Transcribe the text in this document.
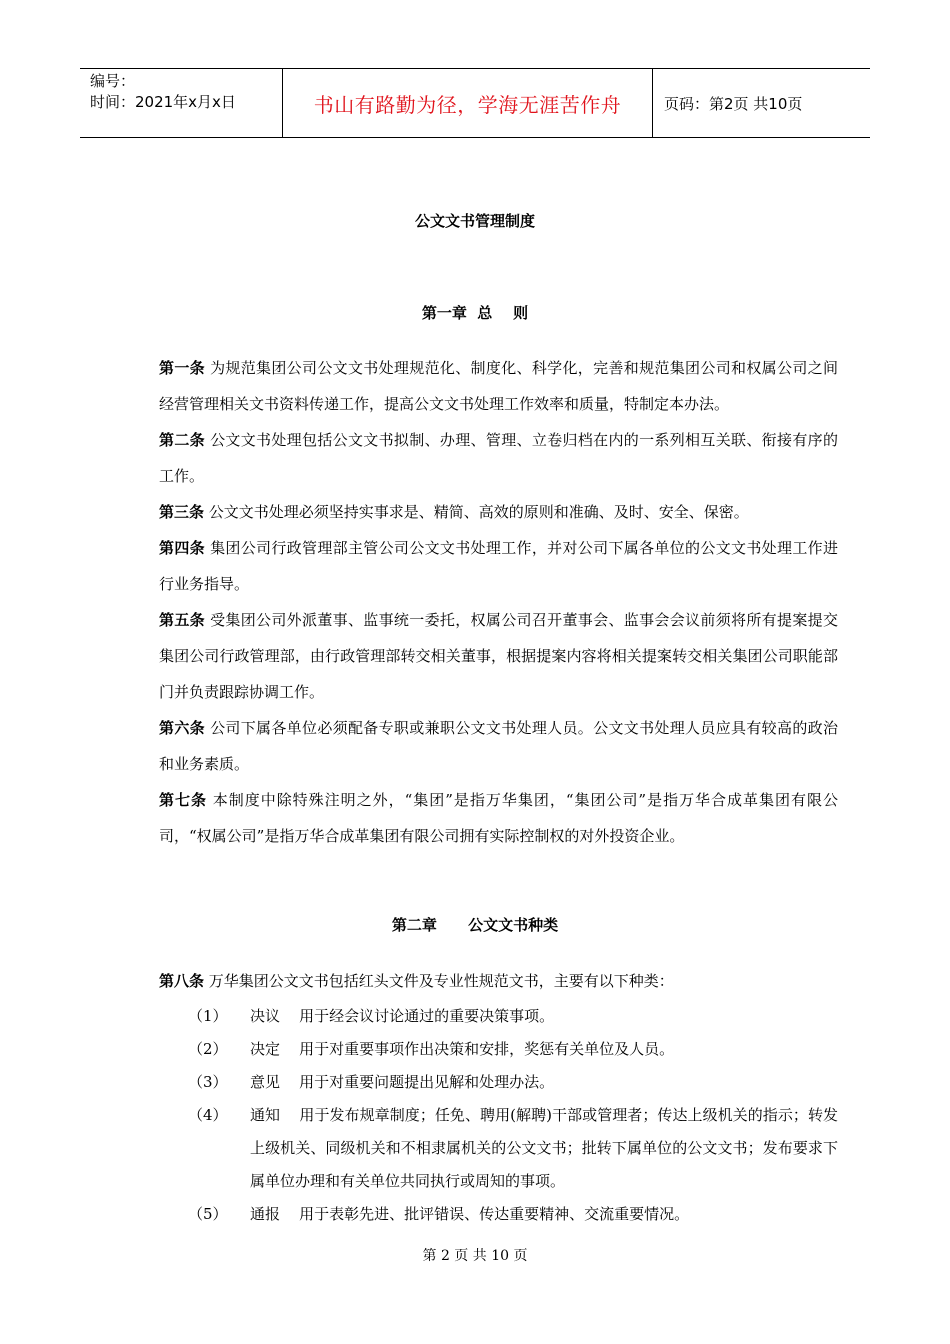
编号：
时间：2021年x月x日	书山有路勤为径，学海无涯苦作舟	页码：第2页 共10页
公文文书管理制度
第一章  总    则
第一条 为规范集团公司公文文书处理规范化、制度化、科学化，完善和规范集团公司和权属公司之间经营管理相关文书资料传递工作，提高公文文书处理工作效率和质量，特制定本办法。
第二条 公文文书处理包括公文文书拟制、办理、管理、立卷归档在内的一系列相互关联、衔接有序的工作。
第三条 公文文书处理必须坚持实事求是、精简、高效的原则和准确、及时、安全、保密。
第四条 集团公司行政管理部主管公司公文文书处理工作，并对公司下属各单位的公文文书处理工作进行业务指导。
第五条 受集团公司外派董事、监事统一委托，权属公司召开董事会、监事会会议前须将所有提案提交集团公司行政管理部，由行政管理部转交相关董事，根据提案内容将相关提案转交相关集团公司职能部门并负责跟踪协调工作。
第六条 公司下属各单位必须配备专职或兼职公文文书处理人员。公文文书处理人员应具有较高的政治和业务素质。
第七条 本制度中除特殊注明之外，“集团”是指万华集团，“集团公司”是指万华合成革集团有限公司，“权属公司”是指万华合成革集团有限公司拥有实际控制权的对外投资企业。
第二章      公文文书种类
第八条 万华集团公文文书包括红头文件及专业性规范文书，主要有以下种类：
（1） 决议    用于经会议讨论通过的重要决策事项。
（2） 决定    用于对重要事项作出决策和安排，奖惩有关单位及人员。
（3） 意见    用于对重要问题提出见解和处理办法。
（4） 通知    用于发布规章制度；任免、聘用(解聘)干部或管理者；传达上级机关的指示；转发上级机关、同级机关和不相隶属机关的公文文书；批转下属单位的公文文书；发布要求下属单位办理和有关单位共同执行或周知的事项。
（5） 通报    用于表彰先进、批评错误、传达重要精神、交流重要情况。
第 2 页 共 10 页
